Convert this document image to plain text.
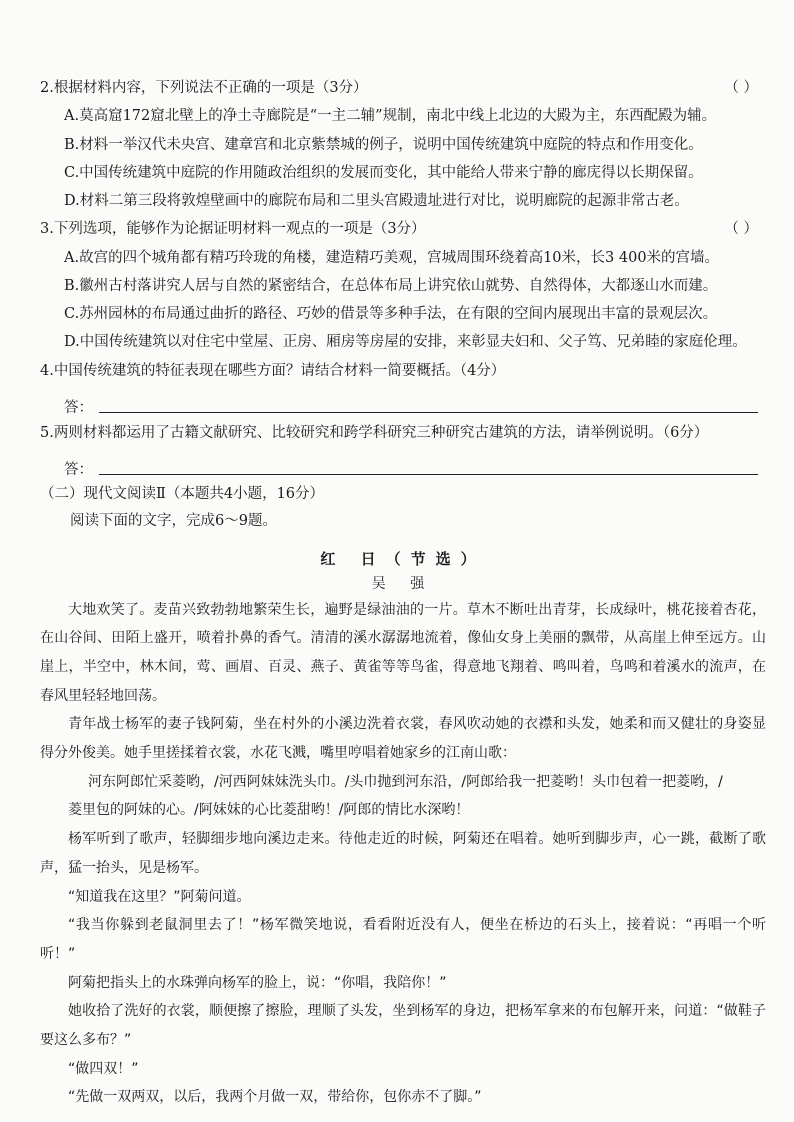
2.根据材料内容，下列说法不正确的一项是（3分）	（ ）
A.莫高窟172窟北壁上的净土寺廊院是“一主二辅”规制，南北中线上北边的大殿为主，东西配殿为辅。
B.材料一举汉代未央宫、建章宫和北京紫禁城的例子，说明中国传统建筑中庭院的特点和作用变化。
C.中国传统建筑中庭院的作用随政治组织的发展而变化，其中能给人带来宁静的廊庑得以长期保留。
D.材料二第三段将敦煌壁画中的廊院布局和二里头宫殿遗址进行对比，说明廊院的起源非常古老。
3.下列选项，能够作为论据证明材料一观点的一项是（3分）	（ ）
A.故宫的四个城角都有精巧玲珑的角楼，建造精巧美观，宫城周围环绕着高10米，长3 400米的宫墙。
B.徽州古村落讲究人居与自然的紧密结合，在总体布局上讲究依山就势、自然得体，大都逐山水而建。
C.苏州园林的布局通过曲折的路径、巧妙的借景等多种手法，在有限的空间内展现出丰富的景观层次。
D.中国传统建筑以对住宅中堂屋、正房、厢房等房屋的安排，来彰显夫妇和、父子笃、兄弟睦的家庭伦理。
4.中国传统建筑的特征表现在哪些方面？请结合材料一简要概括。（4分）
答：
5.两则材料都运用了古籍文献研究、比较研究和跨学科研究三种研究古建筑的方法，请举例说明。（6分）
答：
（二）现代文阅读Ⅱ（本题共4小题，16分）
阅读下面的文字，完成6～9题。
红 日（节选）
吴 强

大地欢笑了。麦苗兴致勃勃地繁荣生长，遍野是绿油油的一片。草木不断吐出青芽，长成绿叶，桃花接着杏花，在山谷间、田陌上盛开，喷着扑鼻的香气。清清的溪水潺潺地流着，像仙女身上美丽的飘带，从高崖上伸至远方。山崖上，半空中，林木间，莺、画眉、百灵、燕子、黄雀等等鸟雀，得意地飞翔着、鸣叫着，鸟鸣和着溪水的流声，在春风里轻轻地回荡。

青年战士杨军的妻子钱阿菊，坐在村外的小溪边洗着衣裳，春风吹动她的衣襟和头发，她柔和而又健壮的身姿显得分外俊美。她手里搓揉着衣裳，水花飞溅，嘴里哼唱着她家乡的江南山歌：

河东阿郎忙采菱哟，/河西阿妹妹洗头巾。/头巾抛到河东沿，/阿郎给我一把菱哟！头巾包着一把菱哟，/

菱里包的阿妹的心。/阿妹妹的心比菱甜哟！/阿郎的情比水深哟！

杨军听到了歌声，轻脚细步地向溪边走来。待他走近的时候，阿菊还在唱着。她听到脚步声，心一跳，截断了歌声，猛一抬头，见是杨军。

“知道我在这里？”阿菊问道。

“我当你躲到老鼠洞里去了！”杨军微笑地说，看看附近没有人，便坐在桥边的石头上，接着说：“再唱一个听听！”

阿菊把指头上的水珠弹向杨军的脸上，说：“你唱，我陪你！”

她收拾了洗好的衣裳，顺便擦了擦脸，理顺了头发，坐到杨军的身边，把杨军拿来的布包解开来，问道：“做鞋子要这么多布？”

“做四双！”

“先做一双两双，以后，我两个月做一双，带给你，包你赤不了脚。”
